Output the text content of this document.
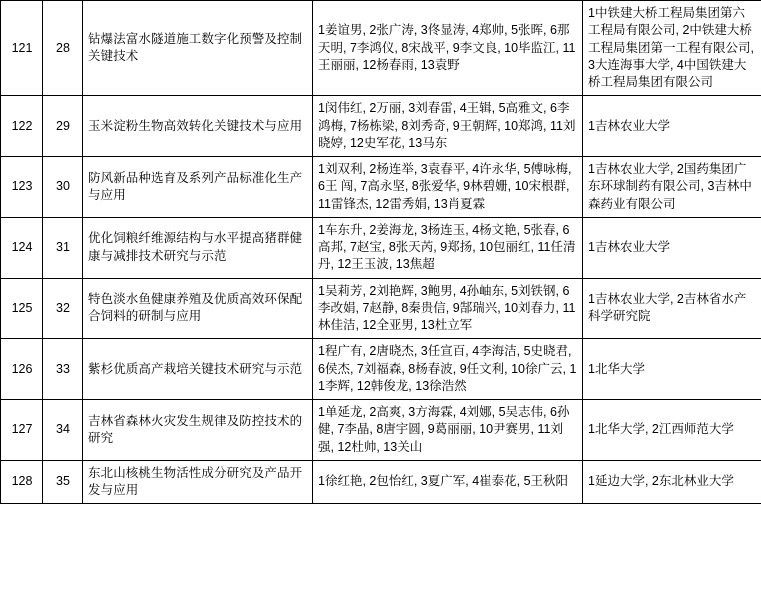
121	28	钻爆法富水隧道施工数字化预警及控制关键技术	1姜谊男, 2张广涛, 3佟显涛, 4郑帅, 5张晖, 6那天明, 7李鸿仪, 8宋战平, 9李文良, 10毕监江, 11王丽丽, 12杨春雨, 13袁野	1中铁建大桥工程局集团第六工程局有限公司, 2中铁建大桥工程局集团第一工程有限公司, 3大连海事大学, 4中国铁建大桥工程局集团有限公司
122	29	玉米淀粉生物高效转化关键技术与应用	1闵伟红, 2万丽, 3刘春雷, 4王辑, 5高雅文, 6李鸿梅, 7杨栋梁, 8刘秀奇, 9王朝辉, 10郑鸿, 11刘晓婷, 12史军花, 13马东	1吉林农业大学
123	30	防风新品种选育及系列产品标准化生产与应用	1刘双利, 2杨连举, 3袁春平, 4许永华, 5傅咏梅, 6王 闯, 7高永坚, 8张爱华, 9林碧姗, 10宋根群, 11雷锋杰, 12雷秀娟, 13肖夏霖	1吉林农业大学, 2国药集团广东环球制药有限公司, 3吉林中森药业有限公司
124	31	优化饲粮纤维源结构与水平提高猪群健康与减排技术研究与示范	1车东升, 2姜海龙, 3杨连玉, 4杨文艳, 5张春, 6高邦, 7赵宝, 8张天芮, 9郑扬, 10包丽红, 11任清丹, 12王玉波, 13焦超	1吉林农业大学
125	32	特色淡水鱼健康养殖及优质高效环保配合饲料的研制与应用	1吴莉芳, 2刘艳辉, 3鲍男, 4孙岫东, 5刘铁钢, 6李改娟, 7赵静, 8秦贵信, 9郜瑞兴, 10刘春力, 11林佳洁, 12全亚男, 13杜立军	1吉林农业大学, 2吉林省水产科学研究院
126	33	紫杉优质高产栽培关键技术研究与示范	1程广有, 2唐晓杰, 3任宣百, 4李海洁, 5史晓君, 6侯杰, 7刘福森, 8杨春波, 9任文利, 10徐广云, 11李辉, 12韩俊龙, 13徐浩然	1北华大学
127	34	吉林省森林火灾发生规律及防控技术的研究	1单延龙, 2高爽, 3方海霖, 4刘娜, 5吴志伟, 6孙健, 7李晶, 8唐宇圆, 9葛丽丽, 10尹赛男, 11刘强, 12杜帅, 13关山	1北华大学, 2江西师范大学
128	35	东北山核桃生物活性成分研究及产品开发与应用	1徐红艳, 2包怡红, 3夏广军, 4崔泰花, 5王秋阳	1延边大学, 2东北林业大学
